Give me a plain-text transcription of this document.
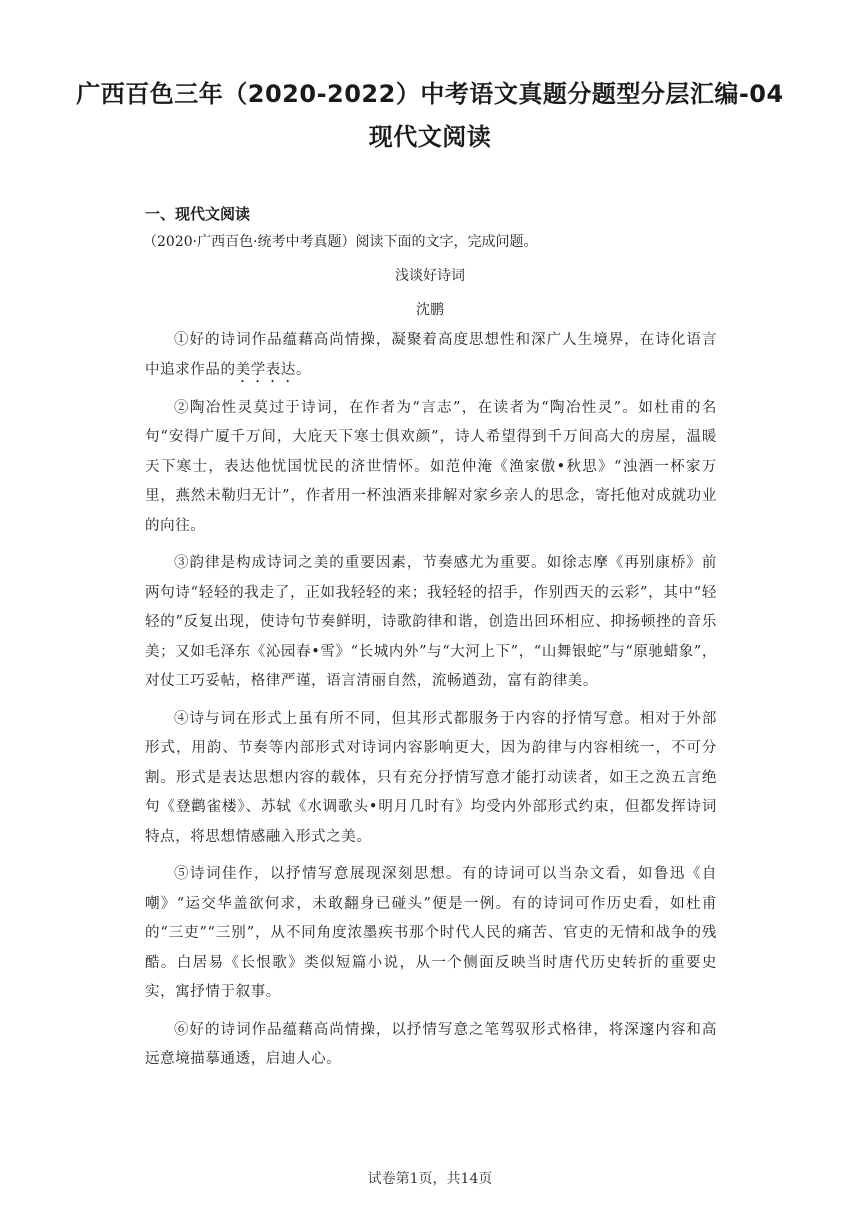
广西百色三年（2020-2022）中考语文真题分题型分层汇编-04
现代文阅读
一、现代文阅读
（2020·广西百色·统考中考真题）阅读下面的文字，完成问题。
浅谈好诗词
沈鹏

①好的诗词作品蕴藉高尚情操，凝聚着高度思想性和深广人生境界，在诗化语言中追求作品的美学表达。

②陶冶性灵莫过于诗词，在作者为“言志”，在读者为“陶冶性灵”。如杜甫的名句“安得广厦千万间，大庇天下寒士俱欢颜”，诗人希望得到千万间高大的房屋，温暖天下寒士，表达他忧国忧民的济世情怀。如范仲淹《渔家傲•秋思》“浊酒一杯家万里，燕然未勒归无计”，作者用一杯浊酒来排解对家乡亲人的思念，寄托他对成就功业的向往。

③韵律是构成诗词之美的重要因素，节奏感尤为重要。如徐志摩《再别康桥》前两句诗“轻轻的我走了，正如我轻轻的来；我轻轻的招手，作别西天的云彩”，其中“轻轻的”反复出现，使诗句节奏鲜明，诗歌韵律和谐，创造出回环相应、抑扬顿挫的音乐美；又如毛泽东《沁园春•雪》“长城内外”与“大河上下”，“山舞银蛇”与“原驰蜡象”，对仗工巧妥帖，格律严谨，语言清丽自然，流畅遒劲，富有韵律美。

④诗与词在形式上虽有所不同，但其形式都服务于内容的抒情写意。相对于外部形式，用韵、节奏等内部形式对诗词内容影响更大，因为韵律与内容相统一，不可分割。形式是表达思想内容的载体，只有充分抒情写意才能打动读者，如王之涣五言绝句《登鹳雀楼》、苏轼《水调歌头•明月几时有》均受内外部形式约束，但都发挥诗词特点，将思想情感融入形式之美。

⑤诗词佳作，以抒情写意展现深刻思想。有的诗词可以当杂文看，如鲁迅《自嘲》“运交华盖欲何求，未敢翻身已碰头”便是一例。有的诗词可作历史看，如杜甫的“三吏”“三别”，从不同角度浓墨疾书那个时代人民的痛苦、官吏的无情和战争的残酷。白居易《长恨歌》类似短篇小说，从一个侧面反映当时唐代历史转折的重要史实，寓抒情于叙事。

⑥好的诗词作品蕴藉高尚情操，以抒情写意之笔驾驭形式格律，将深邃内容和高远意境描摹通透，启迪人心。

试卷第1页，共14页
